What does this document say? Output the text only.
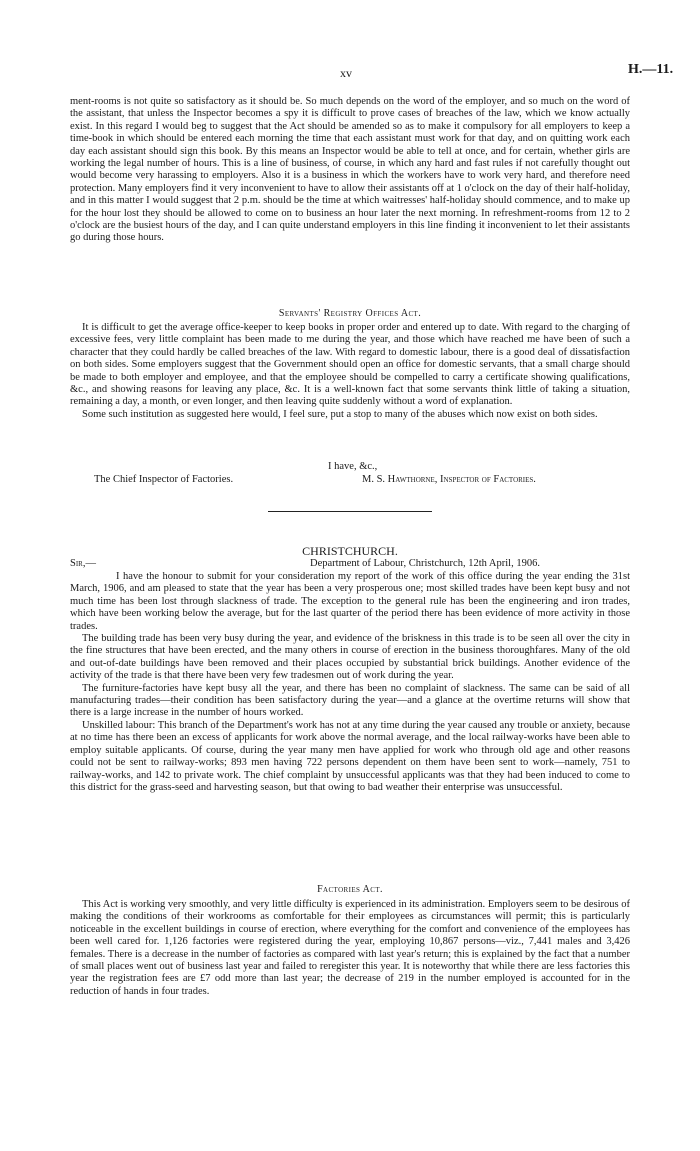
xv	H.—11.

ment-rooms is not quite so satisfactory as it should be. So much depends on the word of the employer, and so much on the word of the assistant, that unless the Inspector becomes a spy it is difficult to prove cases of breaches of the law, which we know actually exist. In this regard I would beg to suggest that the Act should be amended so as to make it compulsory for all employers to keep a time-book in which should be entered each morning the time that each assistant must work for that day, and on quitting work each day each assistant should sign this book. By this means an Inspector would be able to tell at once, and for certain, whether girls are working the legal number of hours. This is a line of business, of course, in which any hard and fast rules if not carefully thought out would become very harassing to employers. Also it is a business in which the workers have to work very hard, and therefore need protection. Many employers find it very inconvenient to have to allow their assistants off at 1 o'clock on the day of their half-holiday, and in this matter I would suggest that 2 p.m. should be the time at which waitresses' half-holiday should commence, and to make up for the hour lost they should be allowed to come on to business an hour later the next morning. In refreshment-rooms from 12 to 2 o'clock are the busiest hours of the day, and I can quite understand employers in this line finding it inconvenient to let their assistants go during those hours.

Servants' Registry Offices Act.

It is difficult to get the average office-keeper to keep books in proper order and entered up to date. With regard to the charging of excessive fees, very little complaint has been made to me during the year, and those which have reached me have been of such a character that they could hardly be called breaches of the law. With regard to domestic labour, there is a good deal of dissatisfaction on both sides. Some employers suggest that the Government should open an office for domestic servants, that a small charge should be made to both employer and employee, and that the employee should be compelled to carry a certificate showing qualifications, &c., and showing reasons for leaving any place, &c. It is a well-known fact that some servants think little of taking a situation, remaining a day, a month, or even longer, and then leaving quite suddenly without a word of explanation.

Some such institution as suggested here would, I feel sure, put a stop to many of the abuses which now exist on both sides.

I have, &c.,
The Chief Inspector of Factories.	M. S. Hawthorne, Inspector of Factories.
CHRISTCHURCH.
Sir,—	Department of Labour, Christchurch, 12th April, 1906.

I have the honour to submit for your consideration my report of the work of this office during the year ending the 31st March, 1906, and am pleased to state that the year has been a very prosperous one; most skilled trades have been kept busy and not much time has been lost through slackness of trade. The exception to the general rule has been the engineering and iron trades, which have been working below the average, but for the last quarter of the period there has been evidence of more activity in those trades.

The building trade has been very busy during the year, and evidence of the briskness in this trade is to be seen all over the city in the fine structures that have been erected, and the many others in course of erection in the business thoroughfares. Many of the old and out-of-date buildings have been removed and their places occupied by substantial brick buildings. Another evidence of the activity of the trade is that there have been very few tradesmen out of work during the year.

The furniture-factories have kept busy all the year, and there has been no complaint of slackness. The same can be said of all manufacturing trades—their condition has been satisfactory during the year—and a glance at the overtime returns will show that there is a large increase in the number of hours worked.

Unskilled labour: This branch of the Department's work has not at any time during the year caused any trouble or anxiety, because at no time has there been an excess of applicants for work above the normal average, and the local railway-works have been able to employ suitable applicants. Of course, during the year many men have applied for work who through old age and other reasons could not be sent to railway-works; 893 men having 722 persons dependent on them have been sent to work—namely, 751 to railway-works, and 142 to private work. The chief complaint by unsuccessful applicants was that they had been induced to come to this district for the grass-seed and harvesting season, but that owing to bad weather their enterprise was unsuccessful.

Factories Act.

This Act is working very smoothly, and very little difficulty is experienced in its administration. Employers seem to be desirous of making the conditions of their workrooms as comfortable for their employees as circumstances will permit; this is particularly noticeable in the excellent buildings in course of erection, where everything for the comfort and convenience of the employees has been well cared for. 1,126 factories were registered during the year, employing 10,867 persons—viz., 7,441 males and 3,426 females. There is a decrease in the number of factories as compared with last year's return; this is explained by the fact that a number of small places went out of business last year and failed to reregister this year. It is noteworthy that while there are less factories this year the registration fees are £7 odd more than last year; the decrease of 219 in the number employed is accounted for in the reduction of hands in four trades.
